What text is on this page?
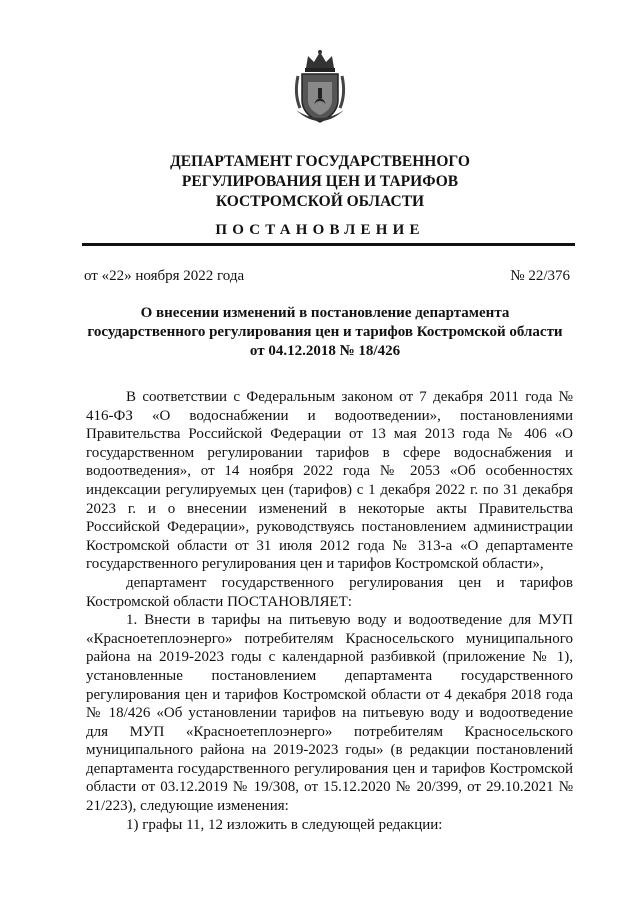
ДЕПАРТАМЕНТ ГОСУДАРСТВЕННОГО
РЕГУЛИРОВАНИЯ ЦЕН И ТАРИФОВ
КОСТРОМСКОЙ ОБЛАСТИ
ПОСТАНОВЛЕНИЕ
от «22» ноября 2022 года	№ 22/376
О внесении изменений в постановление департамента
государственного регулирования цен и тарифов Костромской области
от 04.12.2018 № 18/426

В соответствии с Федеральным законом от 7 декабря 2011 года № 416-ФЗ «О водоснабжении и водоотведении», постановлениями Правительства Российской Федерации от 13 мая 2013 года № 406 «О государственном регулировании тарифов в сфере водоснабжения и водоотведения», от 14 ноября 2022 года № 2053 «Об особенностях индексации регулируемых цен (тарифов) с 1 декабря 2022 г. по 31 декабря 2023 г. и о внесении изменений в некоторые акты Правительства Российской Федерации», руководствуясь постановлением администрации Костромской области от 31 июля 2012 года № 313-а «О департаменте государственного регулирования цен и тарифов Костромской области»,

департамент государственного регулирования цен и тарифов Костромской области ПОСТАНОВЛЯЕТ:

1. Внести в тарифы на питьевую воду и водоотведение для МУП «Красноетеплоэнерго» потребителям Красносельского муниципального района на 2019-2023 годы с календарной разбивкой (приложение № 1), установленные постановлением департамента государственного регулирования цен и тарифов Костромской области от 4 декабря 2018 года № 18/426 «Об установлении тарифов на питьевую воду и водоотведение для МУП «Красноетеплоэнерго» потребителям Красносельского муниципального района на 2019-2023 годы» (в редакции постановлений департамента государственного регулирования цен и тарифов Костромской области от 03.12.2019 № 19/308, от 15.12.2020 № 20/399, от 29.10.2021 № 21/223), следующие изменения:

1) графы 11, 12 изложить в следующей редакции:
